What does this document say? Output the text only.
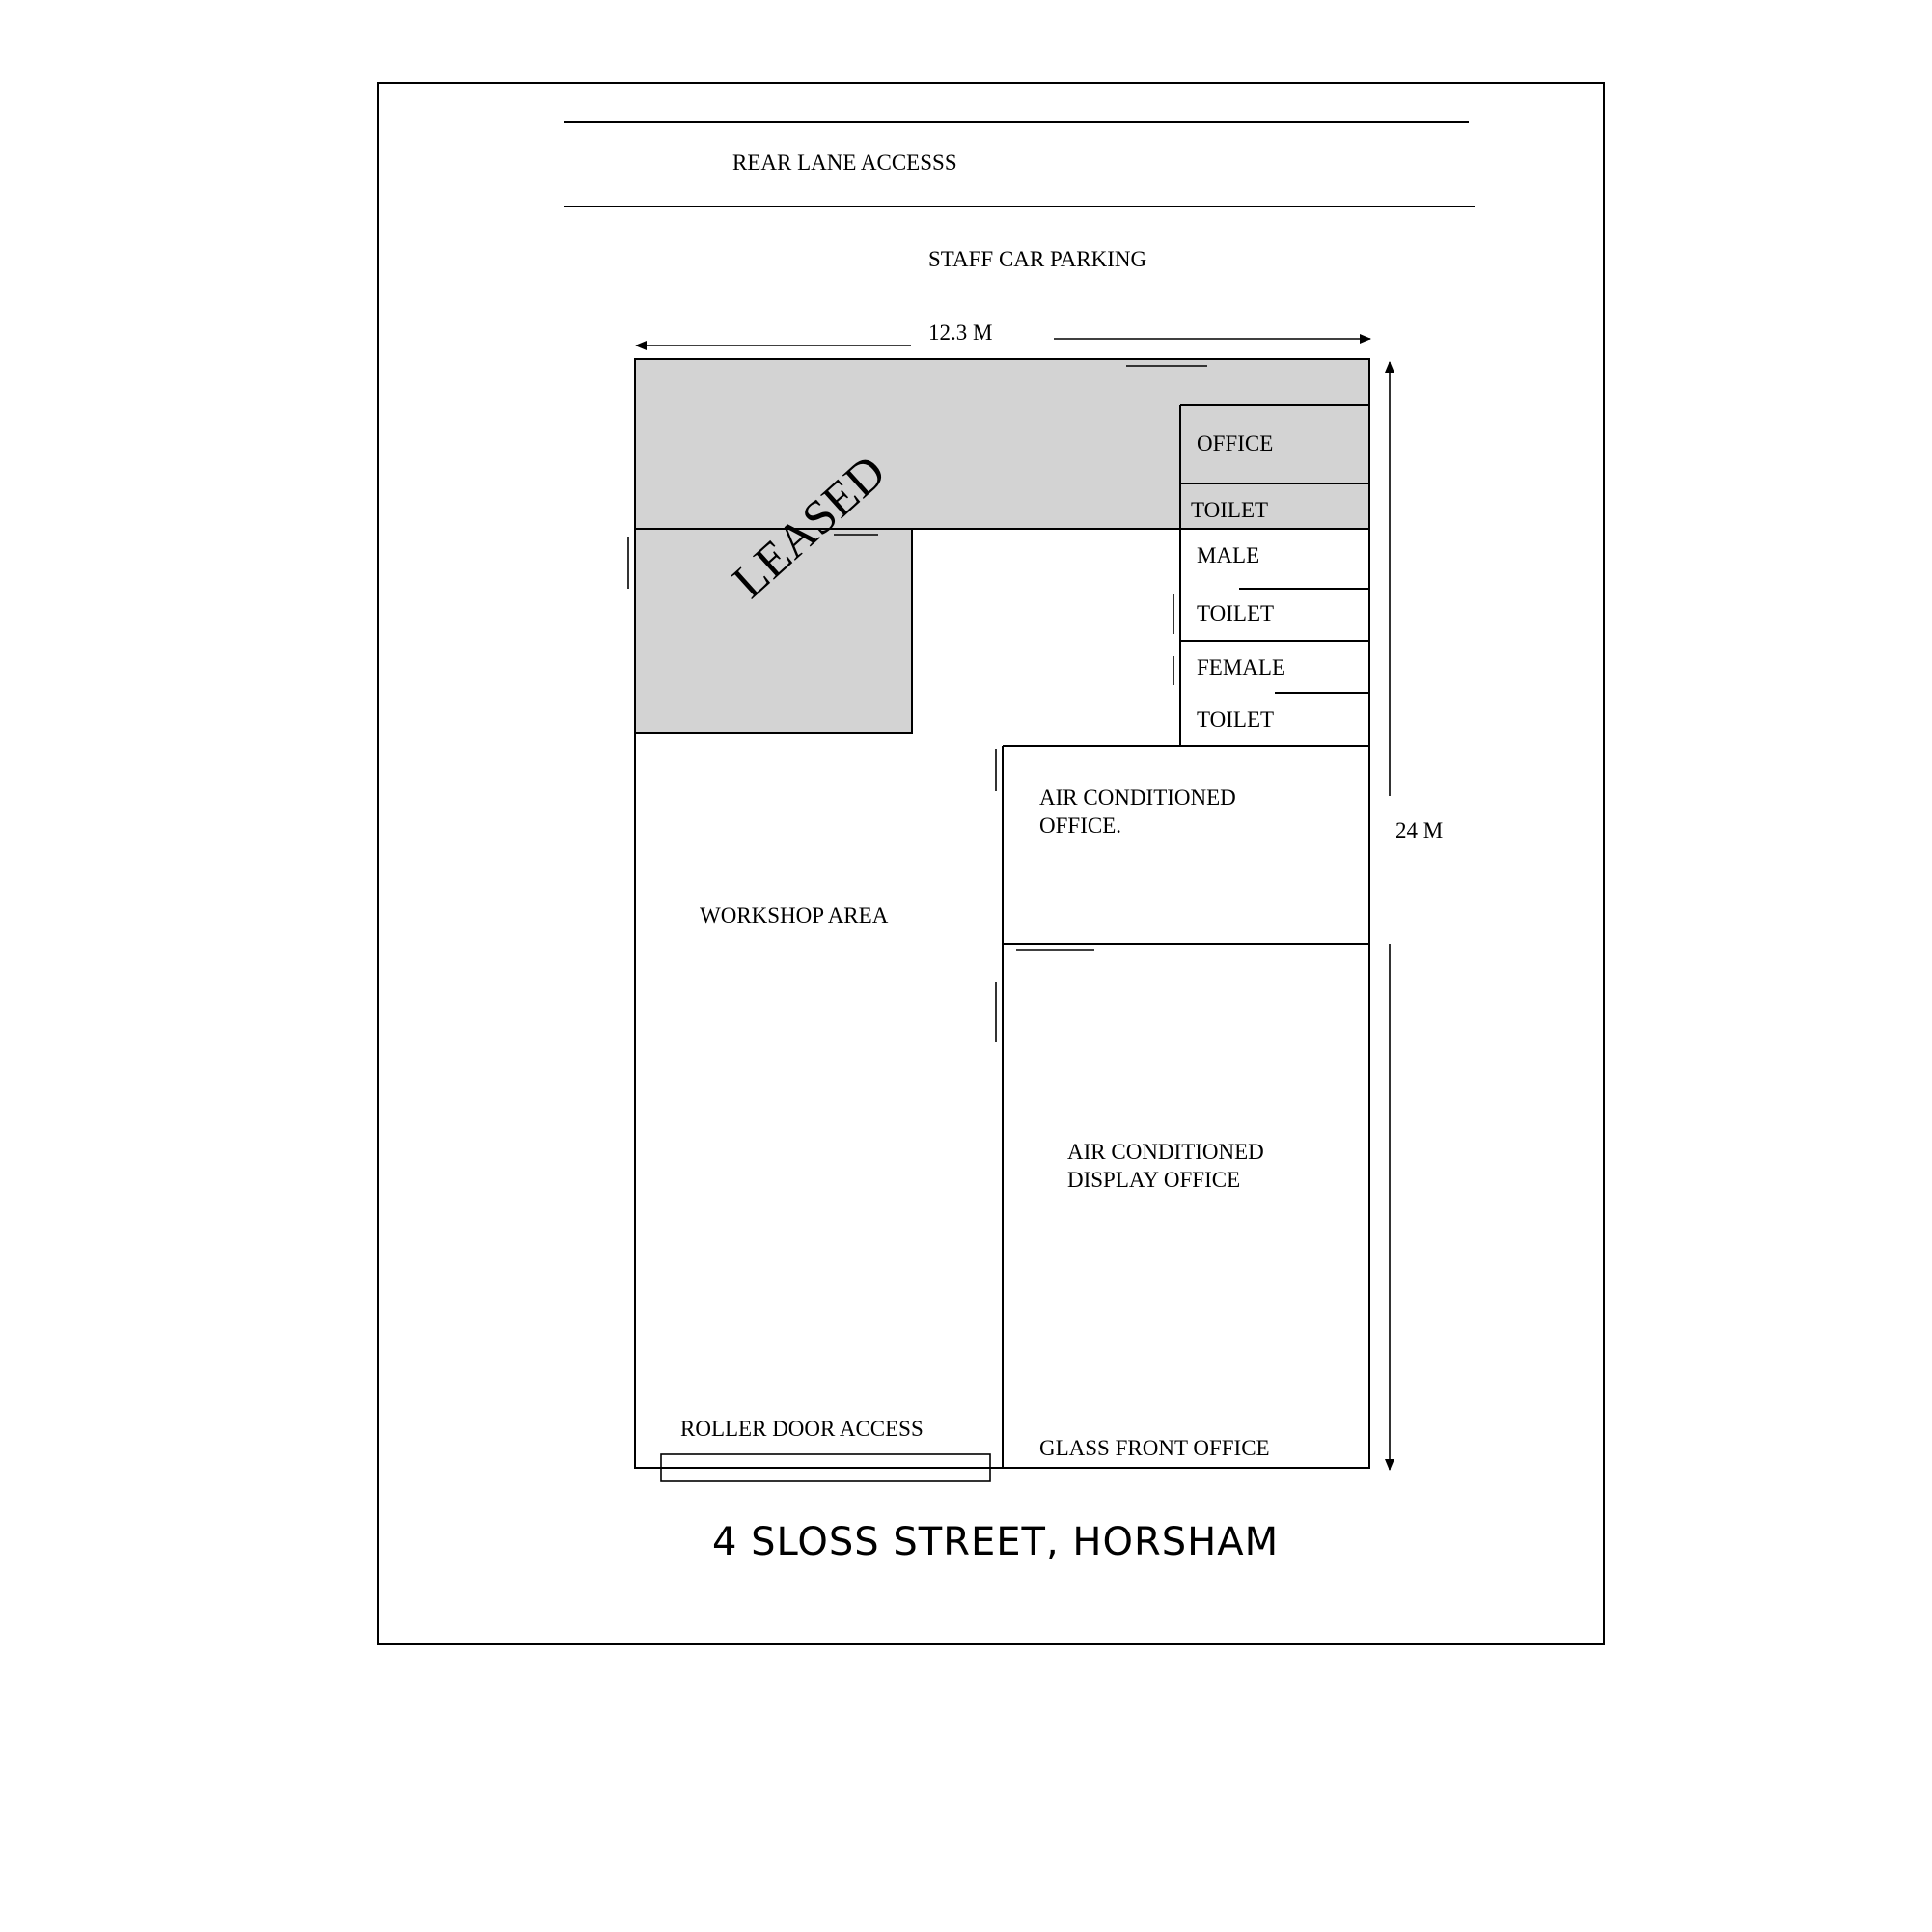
REAR LANE ACCESSS
STAFF CAR PARKING
12.3 M
OFFICE
TOILET
MALE
TOILET
FEMALE
TOILET
AIR CONDITIONED
OFFICE.
WORKSHOP AREA
AIR CONDITIONED
DISPLAY OFFICE
ROLLER DOOR ACCESS
GLASS FRONT OFFICE
24 M
LEASED
4 SLOSS STREET, HORSHAM
